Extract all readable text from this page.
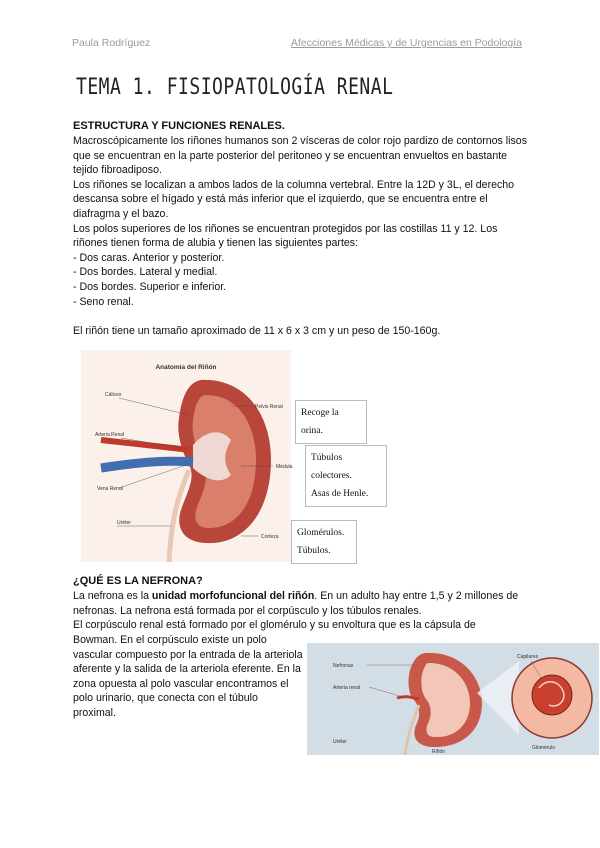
Paula Rodríguez	Afecciones Médicas y de Urgencias en Podología
TEMA 1. FISIOPATOLOGÍA RENAL
ESTRUCTURA Y FUNCIONES RENALES.

Macroscópicamente los riñones humanos son 2 vísceras de color rojo pardizo de contornos lisos que se encuentran en la parte posterior del peritoneo y se encuentran envueltos en bastante tejido fibroadiposo.

Los riñones se localizan a ambos lados de la columna vertebral. Entre la 12D y 3L, el derecho descansa sobre el hígado y está más inferior que el izquierdo, que se encuentra entre el diafragma y el bazo.

Los polos superiores de los riñones se encuentran protegidos por las costillas 11 y 12. Los riñones tienen forma de alubia y tienen las siguientes partes:

- Dos caras. Anterior y posterior.

- Dos bordes. Lateral y medial.

- Dos bordes. Superior e inferior.

- Seno renal.

El riñón tiene un tamaño aproximado de 11 x 6 x 3 cm y un peso de 150-160g.

Anatomía del Riñón
Cálices
Arteria Renal
Vena Renal
Uréter
Pelvis Renal
Médula
Corteza
Recoge la orina.
Túbulos colectores.
Asas de Henle.
Glomérulos.
Túbulos.
¿QUÉ ES LA NEFRONA?

La nefrona es la unidad morfofuncional del riñón. En un adulto hay entre 1,5 y 2 millones de nefronas. La nefrona está formada por el corpúsculo y los túbulos renales.

El corpúsculo renal está formado por el glomérulo y su envoltura que es la cápsula de

Bowman. En el corpúsculo existe un polo vascular compuesto por la entrada de la arteriola aferente y la salida de la arteriola eferente. En la zona opuesta al polo vascular encontramos el polo urinario, que conecta con el túbulo proximal.

Nefronas
Arteria renal
Uréter
Riñón
Capilares
Glomérulo
